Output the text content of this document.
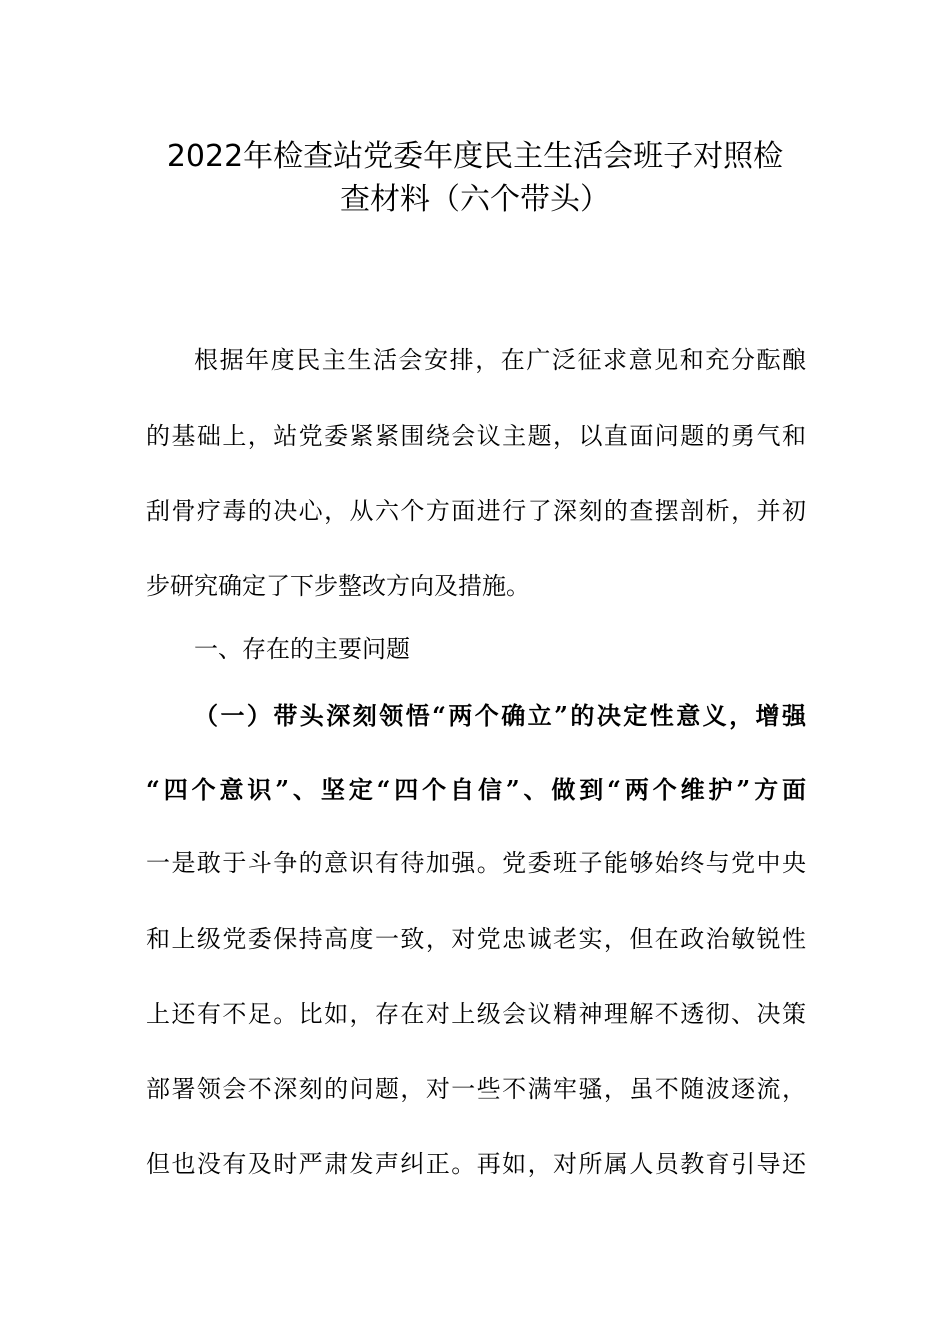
2022年检查站党委年度民主生活会班子对照检
查材料（六个带头）
根据年度民主生活会安排，在广泛征求意见和充分酝酿
的基础上，站党委紧紧围绕会议主题，以直面问题的勇气和
刮骨疗毒的决心，从六个方面进行了深刻的查摆剖析，并初
步研究确定了下步整改方向及措施。
一、存在的主要问题
（一）带头深刻领悟“两个确立”的决定性意义，增强
“四个意识”、坚定“四个自信”、做到“两个维护”方面
一是敢于斗争的意识有待加强。党委班子能够始终与党中央
和上级党委保持高度一致，对党忠诚老实，但在政治敏锐性
上还有不足。比如，存在对上级会议精神理解不透彻、决策
部署领会不深刻的问题，对一些不满牢骚，虽不随波逐流，
但也没有及时严肃发声纠正。再如，对所属人员教育引导还
